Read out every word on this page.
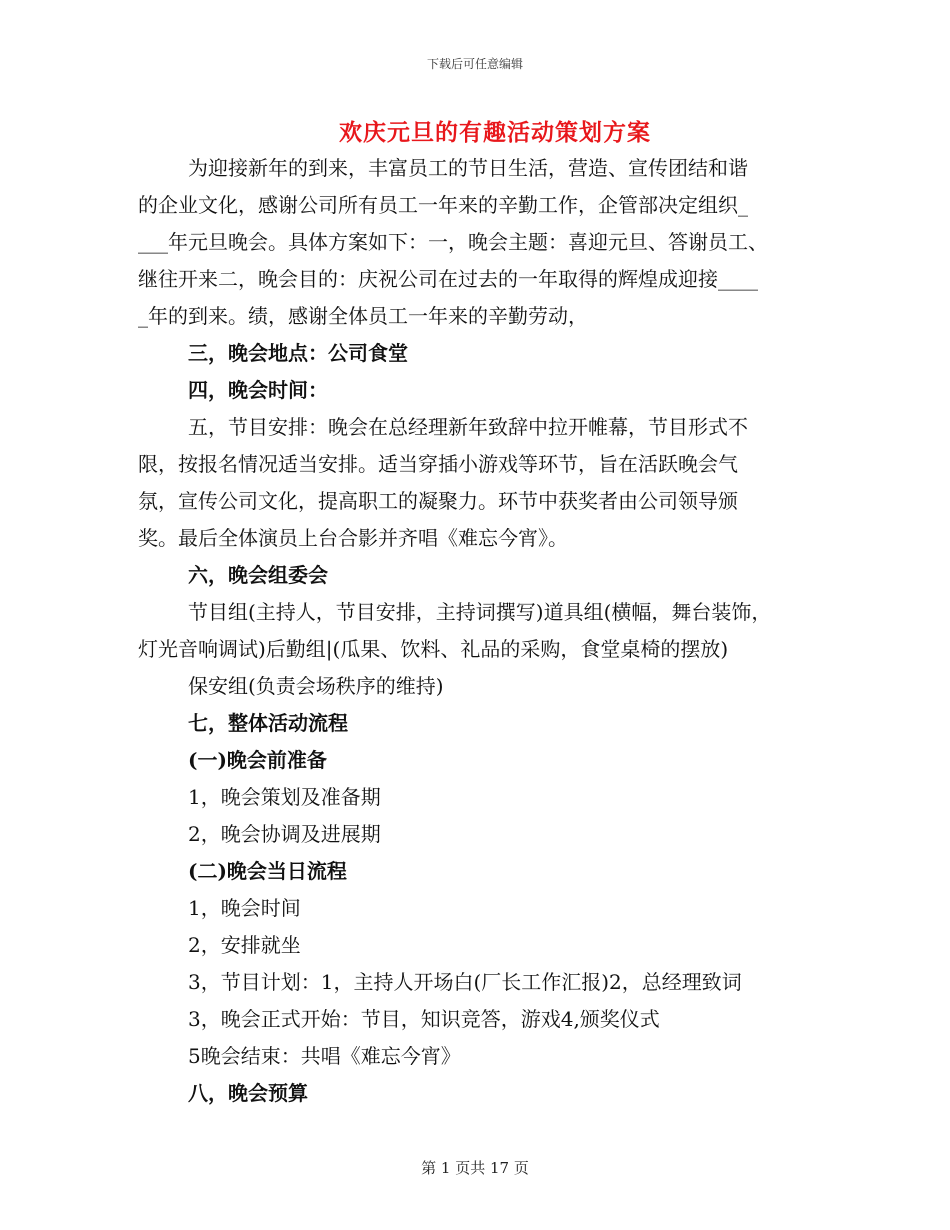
下载后可任意编辑
欢庆元旦的有趣活动策划方案
为迎接新年的到来，丰富员工的节日生活，营造、宣传团结和谐
的企业文化，感谢公司所有员工一年来的辛勤工作，企管部决定组织_
___年元旦晚会。具体方案如下：一，晚会主题：喜迎元旦、答谢员工、
继往开来二，晚会目的：庆祝公司在过去的一年取得的辉煌成迎接____
_年的到来。绩，感谢全体员工一年来的辛勤劳动，
三，晚会地点：公司食堂
四，晚会时间：
五，节目安排：晚会在总经理新年致辞中拉开帷幕，节目形式不
限，按报名情况适当安排。适当穿插小游戏等环节，旨在活跃晚会气
氛，宣传公司文化，提高职工的凝聚力。环节中获奖者由公司领导颁
奖。最后全体演员上台合影并齐唱《难忘今宵》。
六，晚会组委会
节目组(主持人，节目安排，主持词撰写)道具组(横幅，舞台装饰，
灯光音响调试)后勤组|(瓜果、饮料、礼品的采购，食堂桌椅的摆放)
保安组(负责会场秩序的维持)
七，整体活动流程
(一)晚会前准备
1，晚会策划及准备期
2，晚会协调及进展期
(二)晚会当日流程
1，晚会时间
2，安排就坐
3，节目计划：1，主持人开场白(厂长工作汇报)2，总经理致词
3，晚会正式开始：节目，知识竞答，游戏4,颁奖仪式
5晚会结束：共唱《难忘今宵》
八，晚会预算
第 1 页共 17 页
